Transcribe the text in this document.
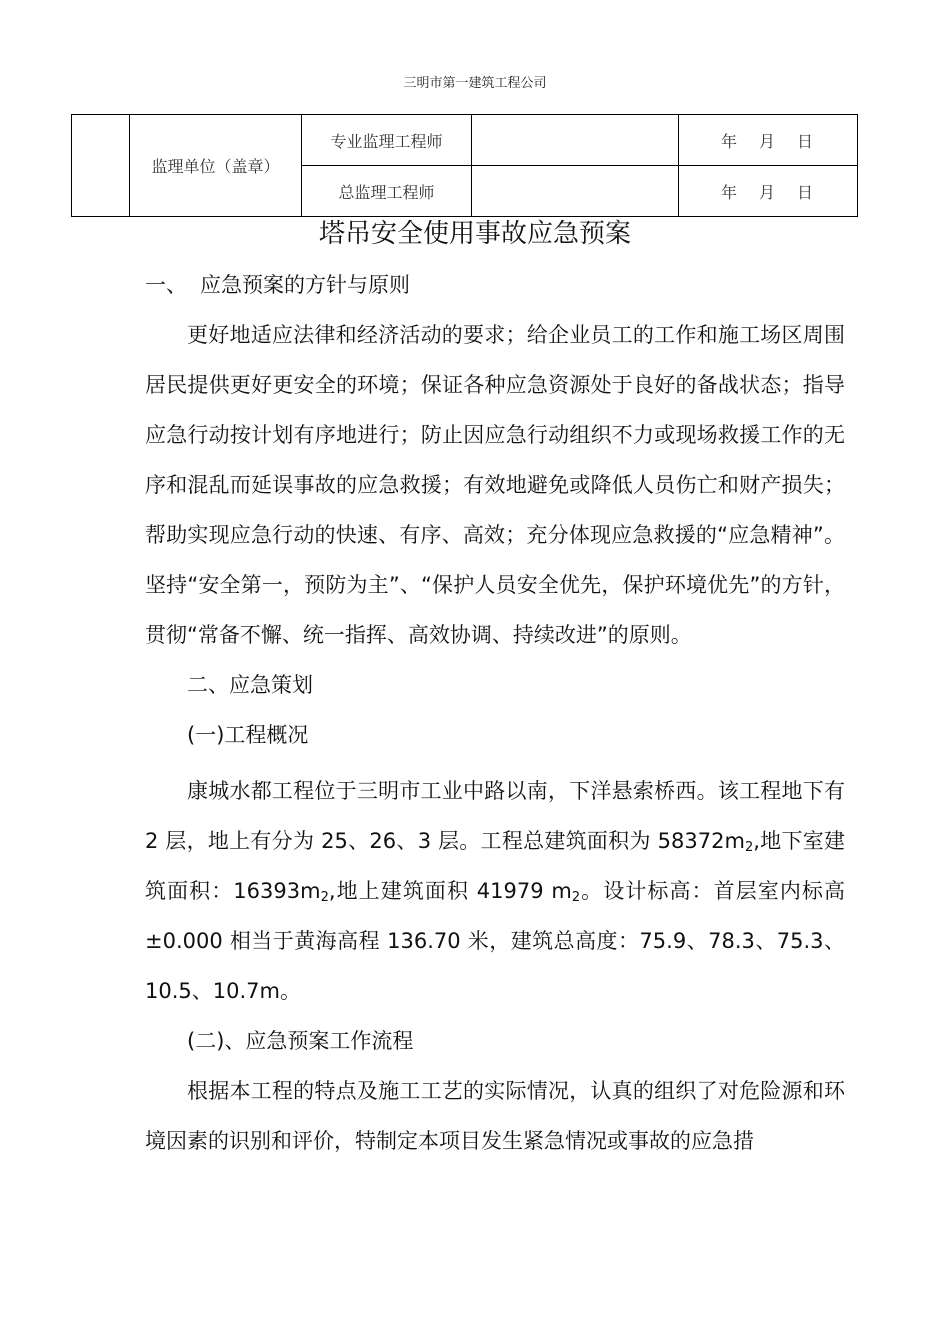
三明市第一建筑工程公司
	监理单位（盖章）	专业监理工程师		年 月 日
		总监理工程师		年 月 日
塔吊安全使用事故应急预案
一、 应急预案的方针与原则

更好地适应法律和经济活动的要求；给企业员工的工作和施工场区周围居民提供更好更安全的环境；保证各种应急资源处于良好的备战状态；指导应急行动按计划有序地进行；防止因应急行动组织不力或现场救援工作的无序和混乱而延误事故的应急救援；有效地避免或降低人员伤亡和财产损失；帮助实现应急行动的快速、有序、高效；充分体现应急救援的“应急精神”。坚持“安全第一，预防为主”、“保护人员安全优先，保护环境优先”的方针，贯彻“常备不懈、统一指挥、高效协调、持续改进”的原则。

二、应急策划

(一)工程概况

康城水都工程位于三明市工业中路以南，下洋悬索桥西。该工程地下有 2 层，地上有分为 25、26、3 层。工程总建筑面积为 $58372m_2$,地下室建筑面积：$16393m_2$,地上建筑面积 41979 $m_2$。设计标高：首层室内标高±0.000 相当于黄海高程 136.70 米，建筑总高度：75.9、78.3、75.3、10.5、10.7m。

(二)、应急预案工作流程

根据本工程的特点及施工工艺的实际情况，认真的组织了对危险源和环境因素的识别和评价，特制定本项目发生紧急情况或事故的应急措
